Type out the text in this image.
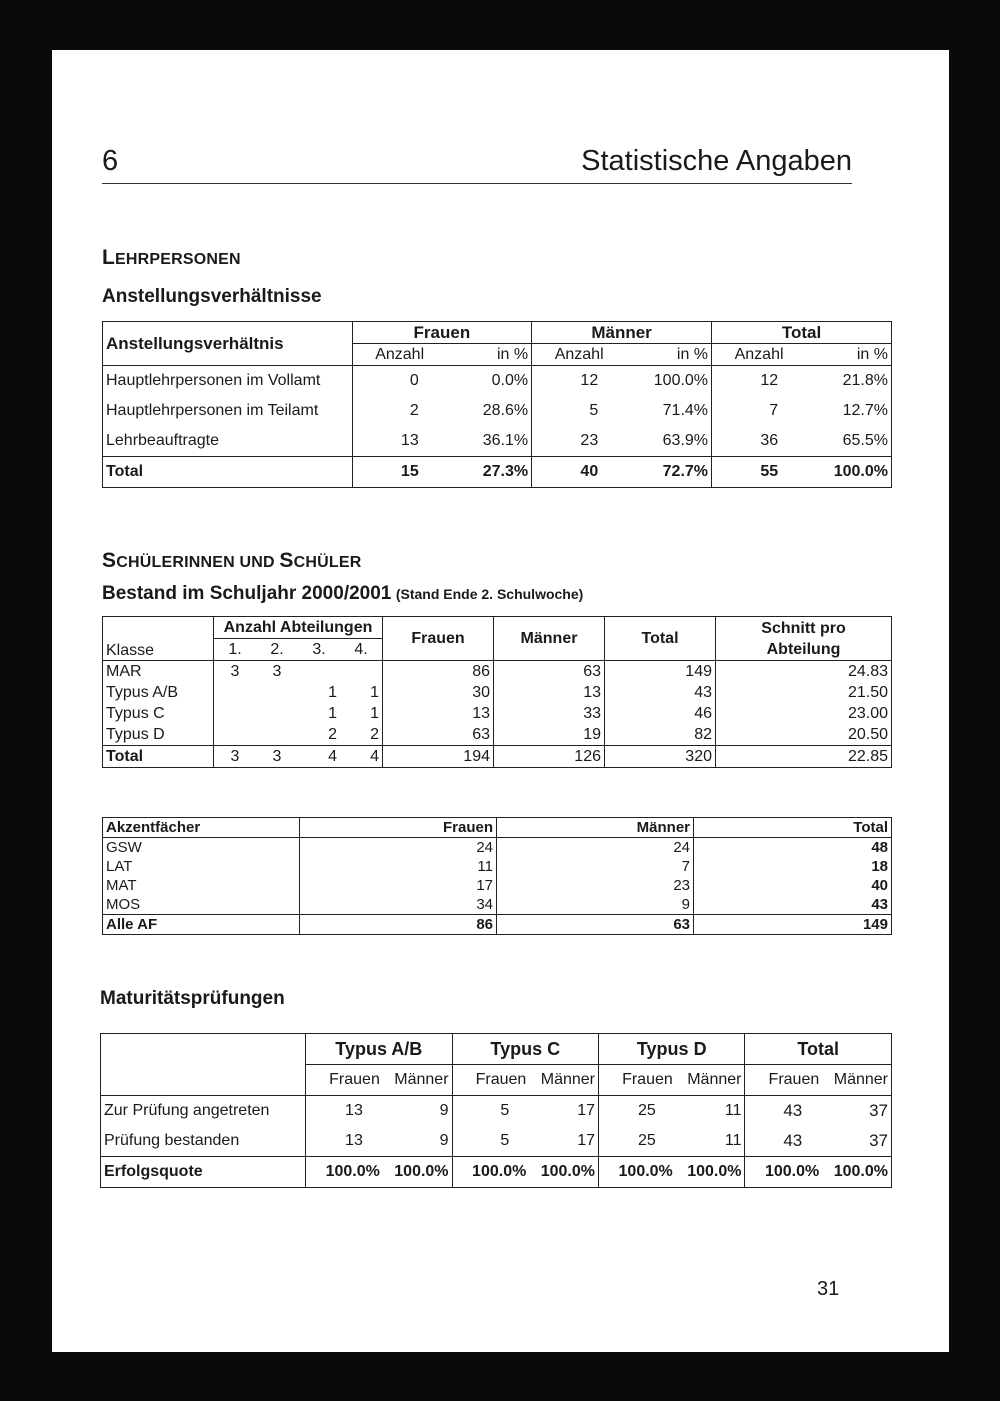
6	Statistische Angaben
LEHRPERSONEN
Anstellungsverhältnisse
Anstellungsverhältnis	Frauen		Männer		Total	
	Anzahl	in %	Anzahl	in %	Anzahl	in %
Hauptlehrpersonen im Vollamt	0	0.0%	12	100.0%	12	21.8%
Hauptlehrpersonen im Teilamt	2	28.6%	5	71.4%	7	12.7%
Lehrbeauftragte	13	36.1%	23	63.9%	36	65.5%
Total	15	27.3%	40	72.7%	55	100.0%
SCHÜLERINNEN UND SCHÜLER
Bestand im Schuljahr 2000/2001 (Stand Ende 2. Schulwoche)
Klasse	Anzahl Abteilungen				Frauen	Männer	Total	Schnitt pro
Abteilung
	1.	2.	3.	4.				
MAR	3	3			86	63	149	24.83
Typus A/B			1	1	30	13	43	21.50
Typus C			1	1	13	33	46	23.00
Typus D			2	2	63	19	82	20.50
Total	3	3	4	4	194	126	320	22.85
Akzentfächer	Frauen	Männer	Total
GSW	24	24	48
LAT	11	7	18
MAT	17	23	40
MOS	34	9	43
Alle AF	86	63	149
Maturitätsprüfungen
	Typus A/B		Typus C		Typus D		Total	
	Frauen	Männer	Frauen	Männer	Frauen	Männer	Frauen	Männer
Zur Prüfung angetreten	13	9	5	17	25	11	43	37
Prüfung bestanden	13	9	5	17	25	11	43	37
Erfolgsquote	100.0%	100.0%	100.0%	100.0%	100.0%	100.0%	100.0%	100.0%
31
